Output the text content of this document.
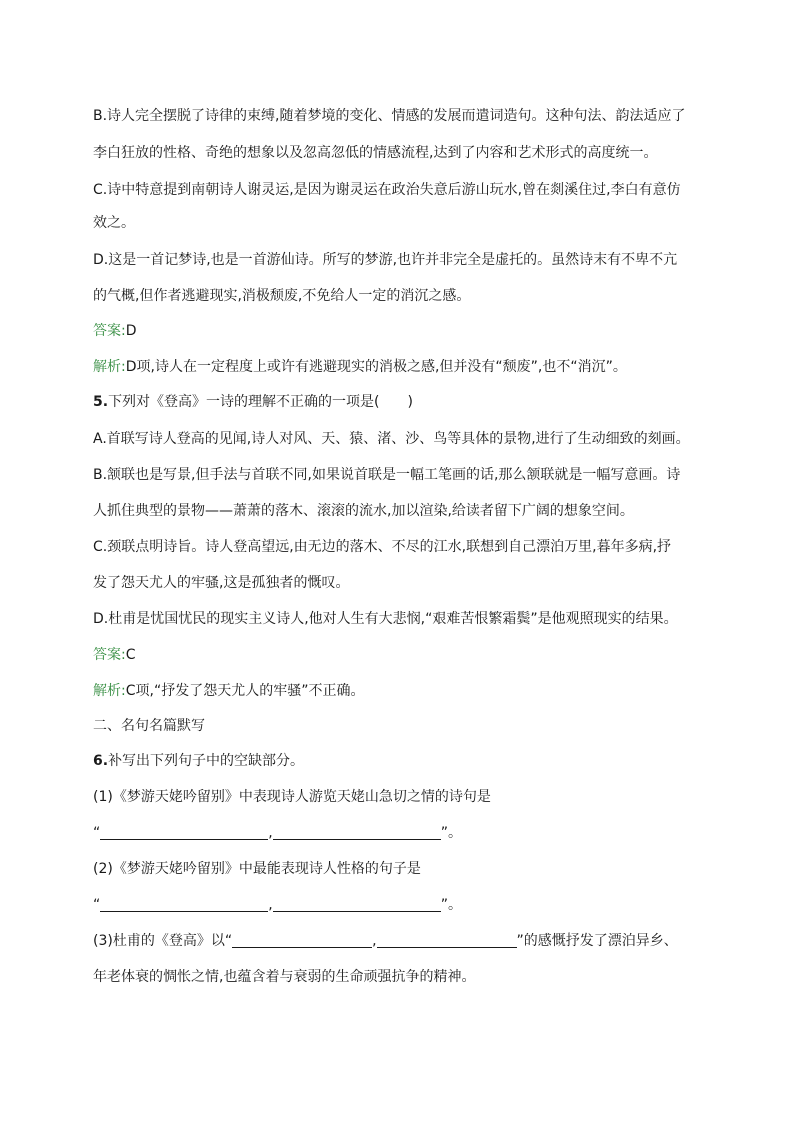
B.诗人完全摆脱了诗律的束缚,随着梦境的变化、情感的发展而遣词造句。这种句法、韵法适应了
李白狂放的性格、奇绝的想象以及忽高忽低的情感流程,达到了内容和艺术形式的高度统一。
C.诗中特意提到南朝诗人谢灵运,是因为谢灵运在政治失意后游山玩水,曾在剡溪住过,李白有意仿
效之。
D.这是一首记梦诗,也是一首游仙诗。所写的梦游,也许并非完全是虚托的。虽然诗末有不卑不亢
的气概,但作者逃避现实,消极颓废,不免给人一定的消沉之感。
答案:D
解析:D项,诗人在一定程度上或许有逃避现实的消极之感,但并没有“颓废”,也不“消沉”。
5.下列对《登高》一诗的理解不正确的一项是(　　)
A.首联写诗人登高的见闻,诗人对风、天、猿、渚、沙、鸟等具体的景物,进行了生动细致的刻画。
B.颔联也是写景,但手法与首联不同,如果说首联是一幅工笔画的话,那么颔联就是一幅写意画。诗
人抓住典型的景物——萧萧的落木、滚滚的流水,加以渲染,给读者留下广阔的想象空间。
C.颈联点明诗旨。诗人登高望远,由无边的落木、不尽的江水,联想到自己漂泊万里,暮年多病,抒
发了怨天尤人的牢骚,这是孤独者的慨叹。
D.杜甫是忧国忧民的现实主义诗人,他对人生有大悲悯,“艰难苦恨繁霜鬓”是他观照现实的结果。
答案:C
解析:C项,“抒发了怨天尤人的牢骚”不正确。
二、名句名篇默写
6.补写出下列句子中的空缺部分。
(1)《梦游天姥吟留别》中表现诗人游览天姥山急切之情的诗句是
“	,	”。
(2)《梦游天姥吟留别》中最能表现诗人性格的句子是
“	,	”。
(3)杜甫的《登高》以“	,	”的感慨抒发了漂泊异乡、
年老体衰的惆怅之情,也蕴含着与衰弱的生命顽强抗争的精神。
